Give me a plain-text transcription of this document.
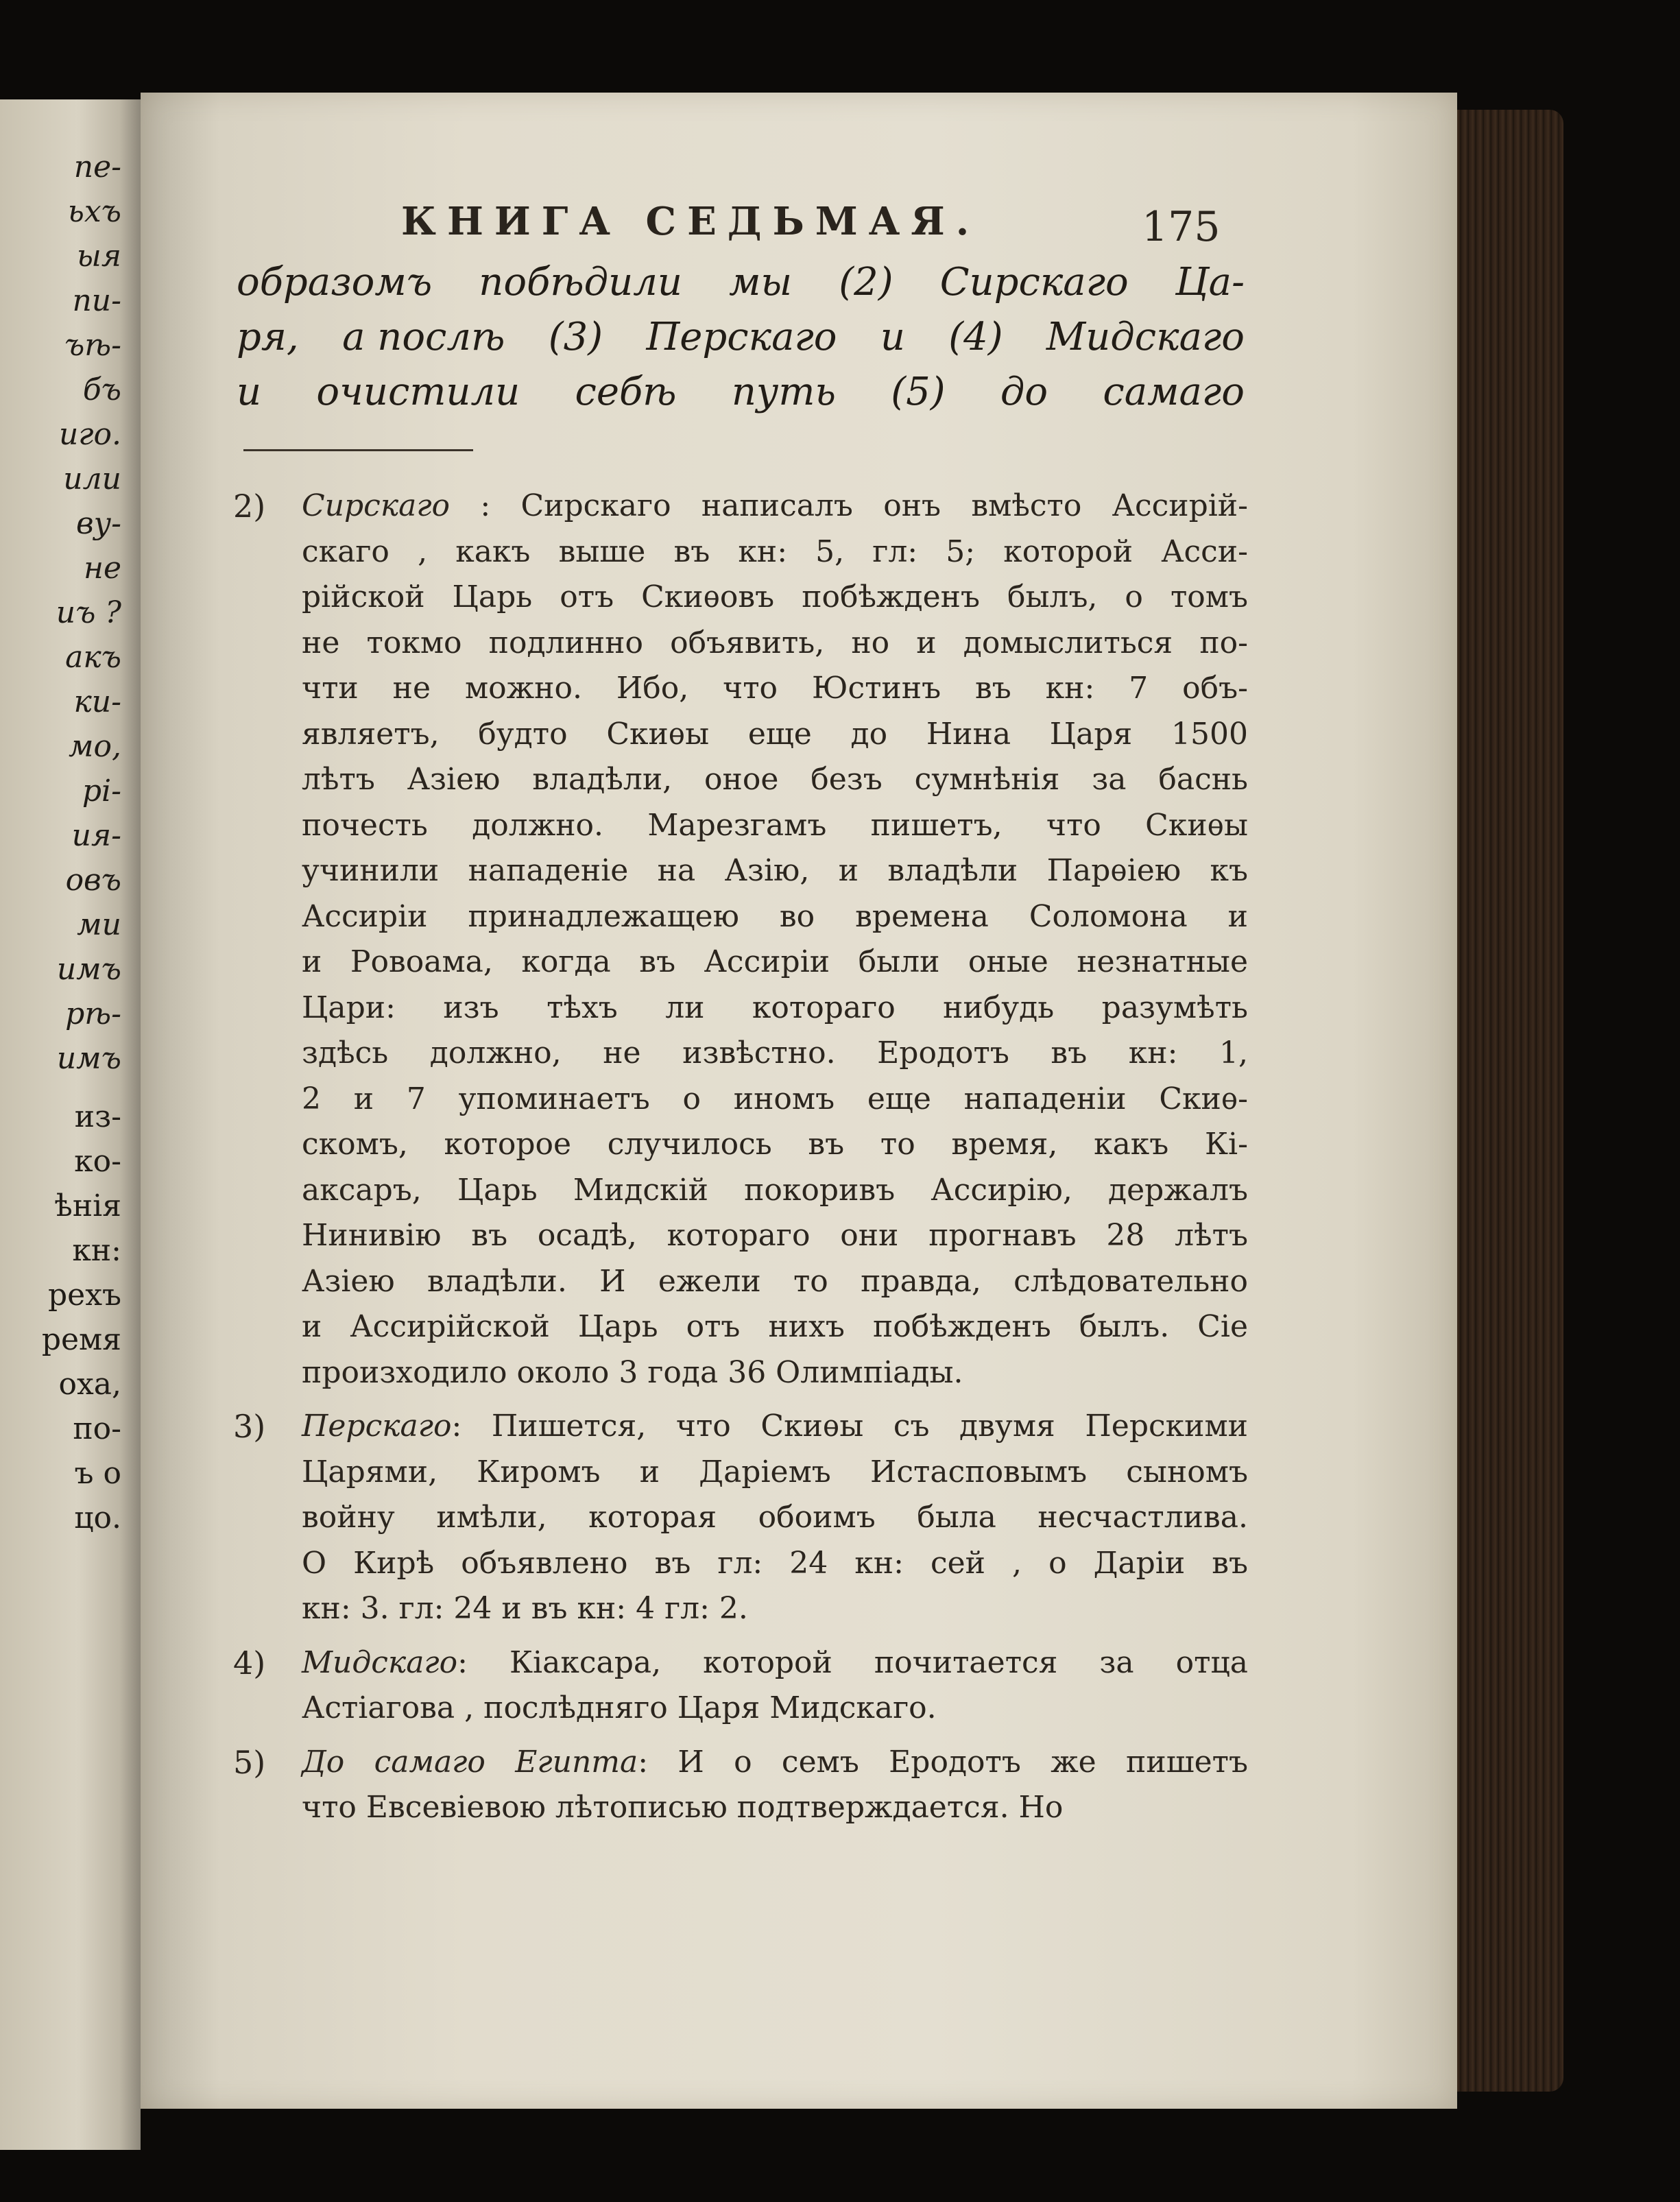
пе-
ьхъ
ыя
пи-
ъѣ-
бъ
иго.
или
ву-
не
иъ ?
акъ
ки-
мо,
рі-
ия-
овъ
ми
имъ
рѣ-
имъ
из-
ко-
ѣнія
кн:
рехъ
ремя
оха,
по-
ъ о
цо.
КНИГА СЕДЬМАЯ.	175
образомъ побѣдили мы (2) Сирскаго Ца-
ря, а послѣ (3) Перскаго и (4) Мидскаго
и очистили себѣ путь (5) до самаго
2) Сирскаго : Сирскаго написалъ онъ вмѣсто Ассирій-
скаго , какъ выше въ кн: 5, гл: 5; которой Асси-
рійской Царь отъ Скиѳовъ побѣжденъ былъ, о томъ
не токмо подлинно объявить, но и домыслиться по-
чти не можно. Ибо, что Юстинъ въ кн: 7 объ-
являетъ, будто Скиѳы еще до Нина Царя 1500
лѣтъ Азіею владѣли, оное безъ сумнѣнія за баснь
почесть должно. Марезгамъ пишетъ, что Скиѳы
учинили нападеніе на Азію, и владѣли Парѳіею къ
Ассиріи принадлежащею во времена Соломона и
и Ровоама, когда въ Ассиріи были оные незнатные
Цари: изъ тѣхъ ли котораго нибудь разумѣть
здѣсь должно, не извѣстно. Еродотъ въ кн: 1,
2 и 7 упоминаетъ о иномъ еще нападеніи Скиѳ-
скомъ, которое случилось въ то время, какъ Кі-
аксаръ, Царь Мидскій покоривъ Ассирію, держалъ
Нинивію въ осадѣ, котораго они прогнавъ 28 лѣтъ
Азіею владѣли. И ежели то правда, слѣдовательно
и Ассирійской Царь отъ нихъ побѣжденъ былъ. Сіе
произходило около 3 года 36 Олимпіады.
3) Перскаго: Пишется, что Скиѳы съ двумя Перскими
Царями, Киромъ и Даріемъ Истасповымъ сыномъ
войну имѣли, которая обоимъ была несчастлива.
О Кирѣ объявлено въ гл: 24 кн: сей , о Даріи въ
кн: 3. гл: 24 и въ кн: 4 гл: 2.
4) Мидскаго: Кіаксара, которой почитается за отца
Астіагова , послѣдняго Царя Мидскаго.
5) До самаго Египта: И о семъ Еродотъ же пишетъ
что Евсевіевою лѣтописью подтверждается. Но
